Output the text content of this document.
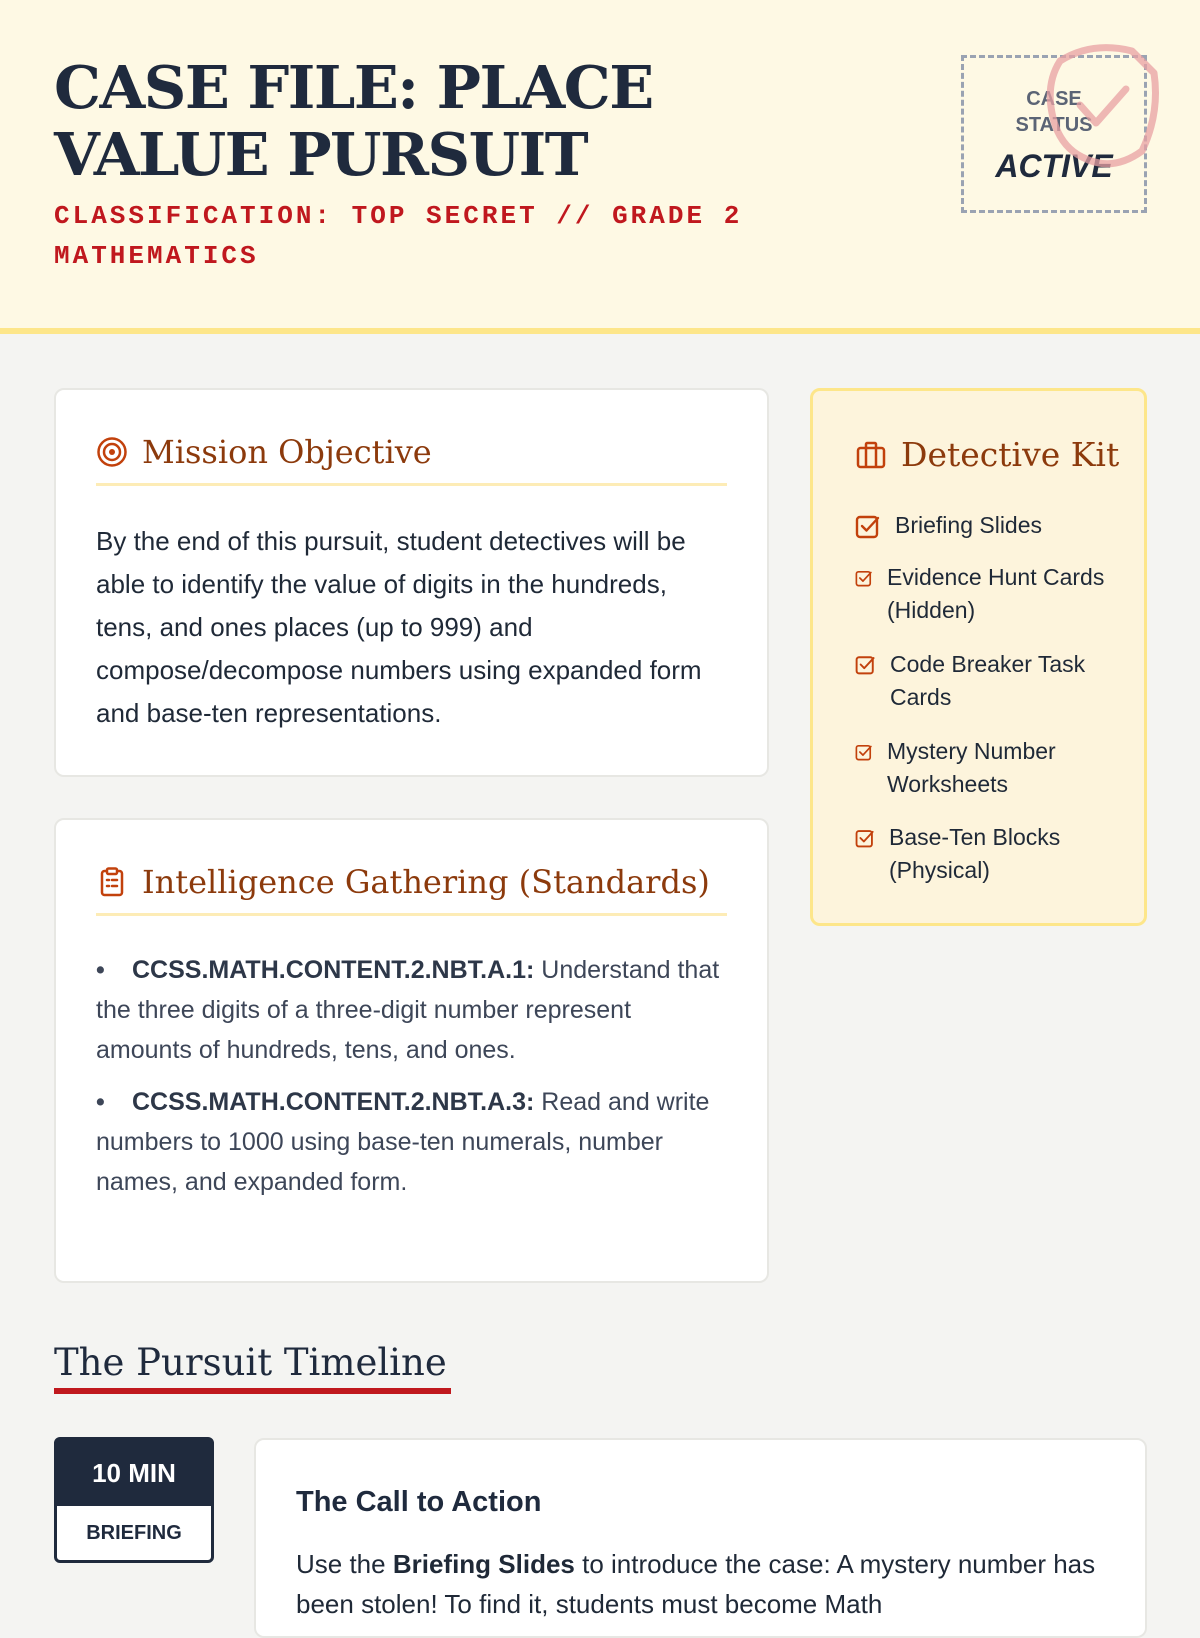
CASE FILE: PLACE VALUE PURSUIT
CLASSIFICATION: TOP SECRET // GRADE 2 MATHEMATICS
CASE STATUS
ACTIVE
Mission Objective
By the end of this pursuit, student detectives will be able to identify the value of digits in the hundreds, tens, and ones places (up to 999) and compose/decompose numbers using expanded form and base-ten representations.
Intelligence Gathering (Standards)
• CCSS.MATH.CONTENT.2.NBT.A.1: Understand that the three digits of a three-digit number represent amounts of hundreds, tens, and ones.
• CCSS.MATH.CONTENT.2.NBT.A.3: Read and write numbers to 1000 using base-ten numerals, number names, and expanded form.
Detective Kit
Briefing Slides
Evidence Hunt Cards (Hidden)
Code Breaker Task Cards
Mystery Number Worksheets
Base-Ten Blocks (Physical)
The Pursuit Timeline
10 MIN
BRIEFING
The Call to Action
Use the Briefing Slides to introduce the case: A mystery number has been stolen! To find it, students must become Math
